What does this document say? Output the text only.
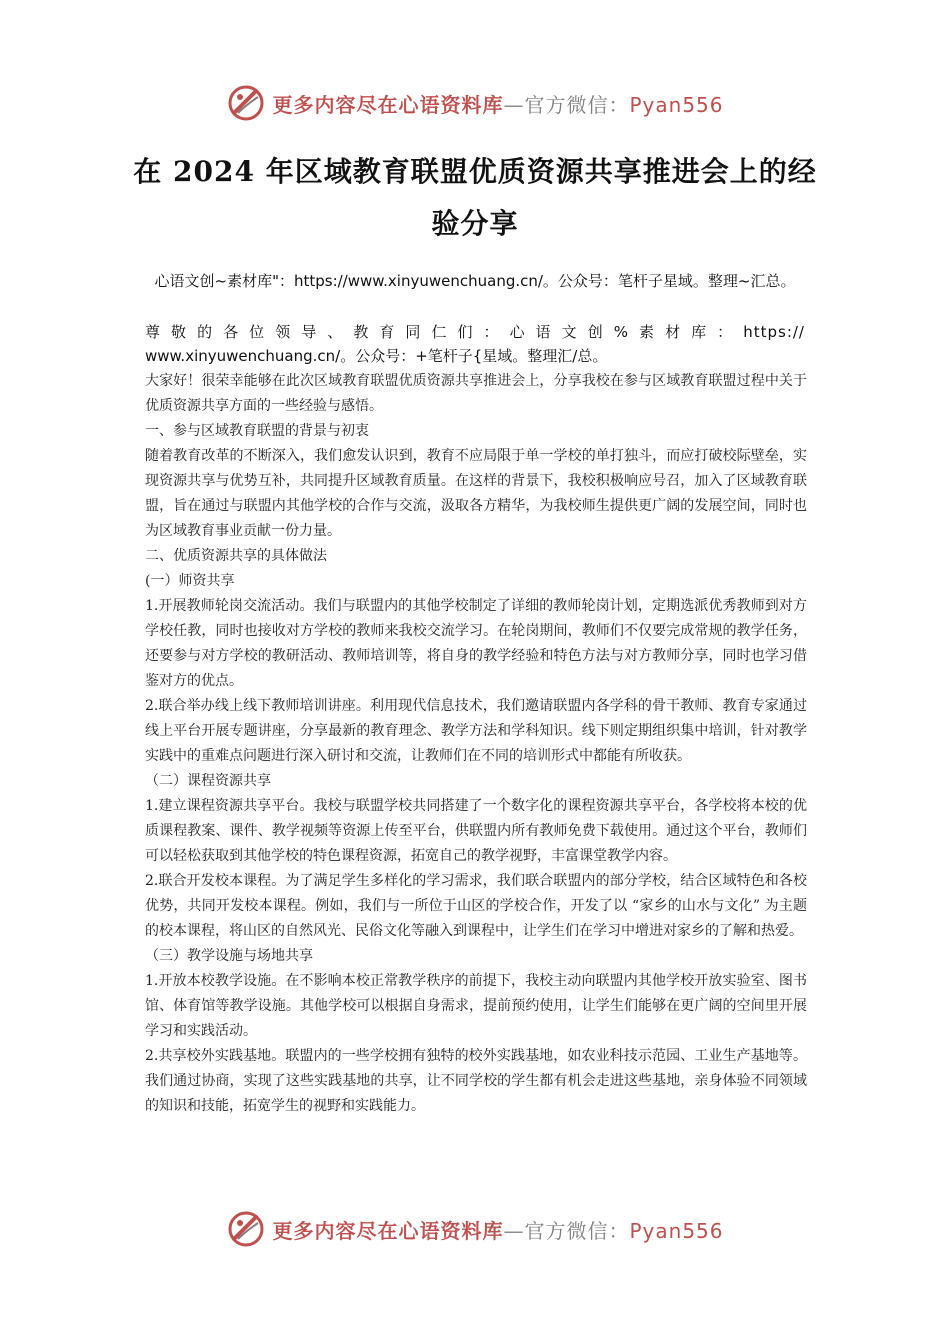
更多内容尽在心语资料库—官方微信：Pyan556
在 2024 年区域教育联盟优质资源共享推进会上的经验分享
心语文创~素材库"：https://www.xinyuwenchuang.cn/。公众号：笔杆子星域。整理~汇总。
尊敬的各位领导、教育同仁们：心语文创%素材库：https://
www.xinyuwenchuang.cn/。公众号：+笔杆子{星域。整理汇/总。

大家好！很荣幸能够在此次区域教育联盟优质资源共享推进会上，分享我校在参与区域教育联盟过程中关于优质资源共享方面的一些经验与感悟。

一、参与区域教育联盟的背景与初衷

随着教育改革的不断深入，我们愈发认识到，教育不应局限于单一学校的单打独斗，而应打破校际壁垒，实现资源共享与优势互补，共同提升区域教育质量。在这样的背景下，我校积极响应号召，加入了区域教育联盟，旨在通过与联盟内其他学校的合作与交流，汲取各方精华，为我校师生提供更广阔的发展空间，同时也为区域教育事业贡献一份力量。

二、优质资源共享的具体做法

(一）师资共享

1.开展教师轮岗交流活动。我们与联盟内的其他学校制定了详细的教师轮岗计划，定期选派优秀教师到对方学校任教，同时也接收对方学校的教师来我校交流学习。在轮岗期间，教师们不仅要完成常规的教学任务，还要参与对方学校的教研活动、教师培训等，将自身的教学经验和特色方法与对方教师分享，同时也学习借鉴对方的优点。

2.联合举办线上线下教师培训讲座。利用现代信息技术，我们邀请联盟内各学科的骨干教师、教育专家通过线上平台开展专题讲座，分享最新的教育理念、教学方法和学科知识。线下则定期组织集中培训，针对教学实践中的重难点问题进行深入研讨和交流，让教师们在不同的培训形式中都能有所收获。

（二）课程资源共享

1.建立课程资源共享平台。我校与联盟学校共同搭建了一个数字化的课程资源共享平台，各学校将本校的优质课程教案、课件、教学视频等资源上传至平台，供联盟内所有教师免费下载使用。通过这个平台，教师们可以轻松获取到其他学校的特色课程资源，拓宽自己的教学视野，丰富课堂教学内容。

2.联合开发校本课程。为了满足学生多样化的学习需求，我们联合联盟内的部分学校，结合区域特色和各校优势，共同开发校本课程。例如，我们与一所位于山区的学校合作，开发了以 “家乡的山水与文化” 为主题的校本课程，将山区的自然风光、民俗文化等融入到课程中，让学生们在学习中增进对家乡的了解和热爱。

（三）教学设施与场地共享

1.开放本校教学设施。在不影响本校正常教学秩序的前提下，我校主动向联盟内其他学校开放实验室、图书馆、体育馆等教学设施。其他学校可以根据自身需求，提前预约使用，让学生们能够在更广阔的空间里开展学习和实践活动。

2.共享校外实践基地。联盟内的一些学校拥有独特的校外实践基地，如农业科技示范园、工业生产基地等。我们通过协商，实现了这些实践基地的共享，让不同学校的学生都有机会走进这些基地，亲身体验不同领域的知识和技能，拓宽学生的视野和实践能力。

更多内容尽在心语资料库—官方微信：Pyan556
